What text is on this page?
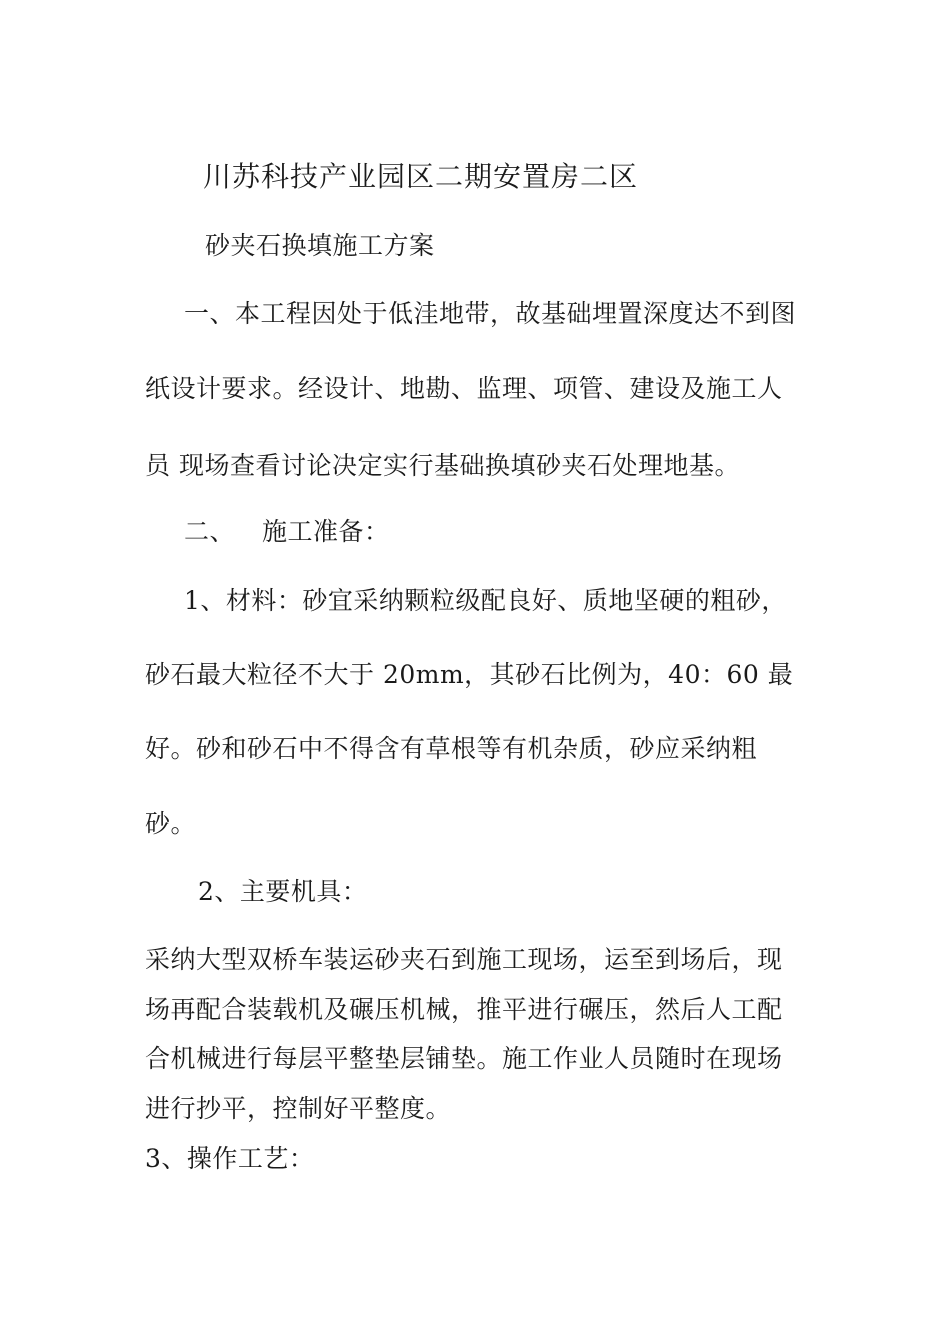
川苏科技产业园区二期安置房二区
砂夹石换填施工方案
一、本工程因处于低洼地带，故基础埋置深度达不到图
纸设计要求。经设计、地勘、监理、项管、建设及施工人
员 现场查看讨论决定实行基础换填砂夹石处理地基。
二、 施工准备：
1、材料：砂宜采纳颗粒级配良好、质地坚硬的粗砂，
砂石最大粒径不大于 20mm，其砂石比例为，40：60 最
好。砂和砂石中不得含有草根等有机杂质，砂应采纳粗
砂。
2、主要机具：
采纳大型双桥车装运砂夹石到施工现场，运至到场后，现
场再配合装载机及碾压机械，推平进行碾压，然后人工配
合机械进行每层平整垫层铺垫。施工作业人员随时在现场
进行抄平，控制好平整度。
3、操作工艺：
